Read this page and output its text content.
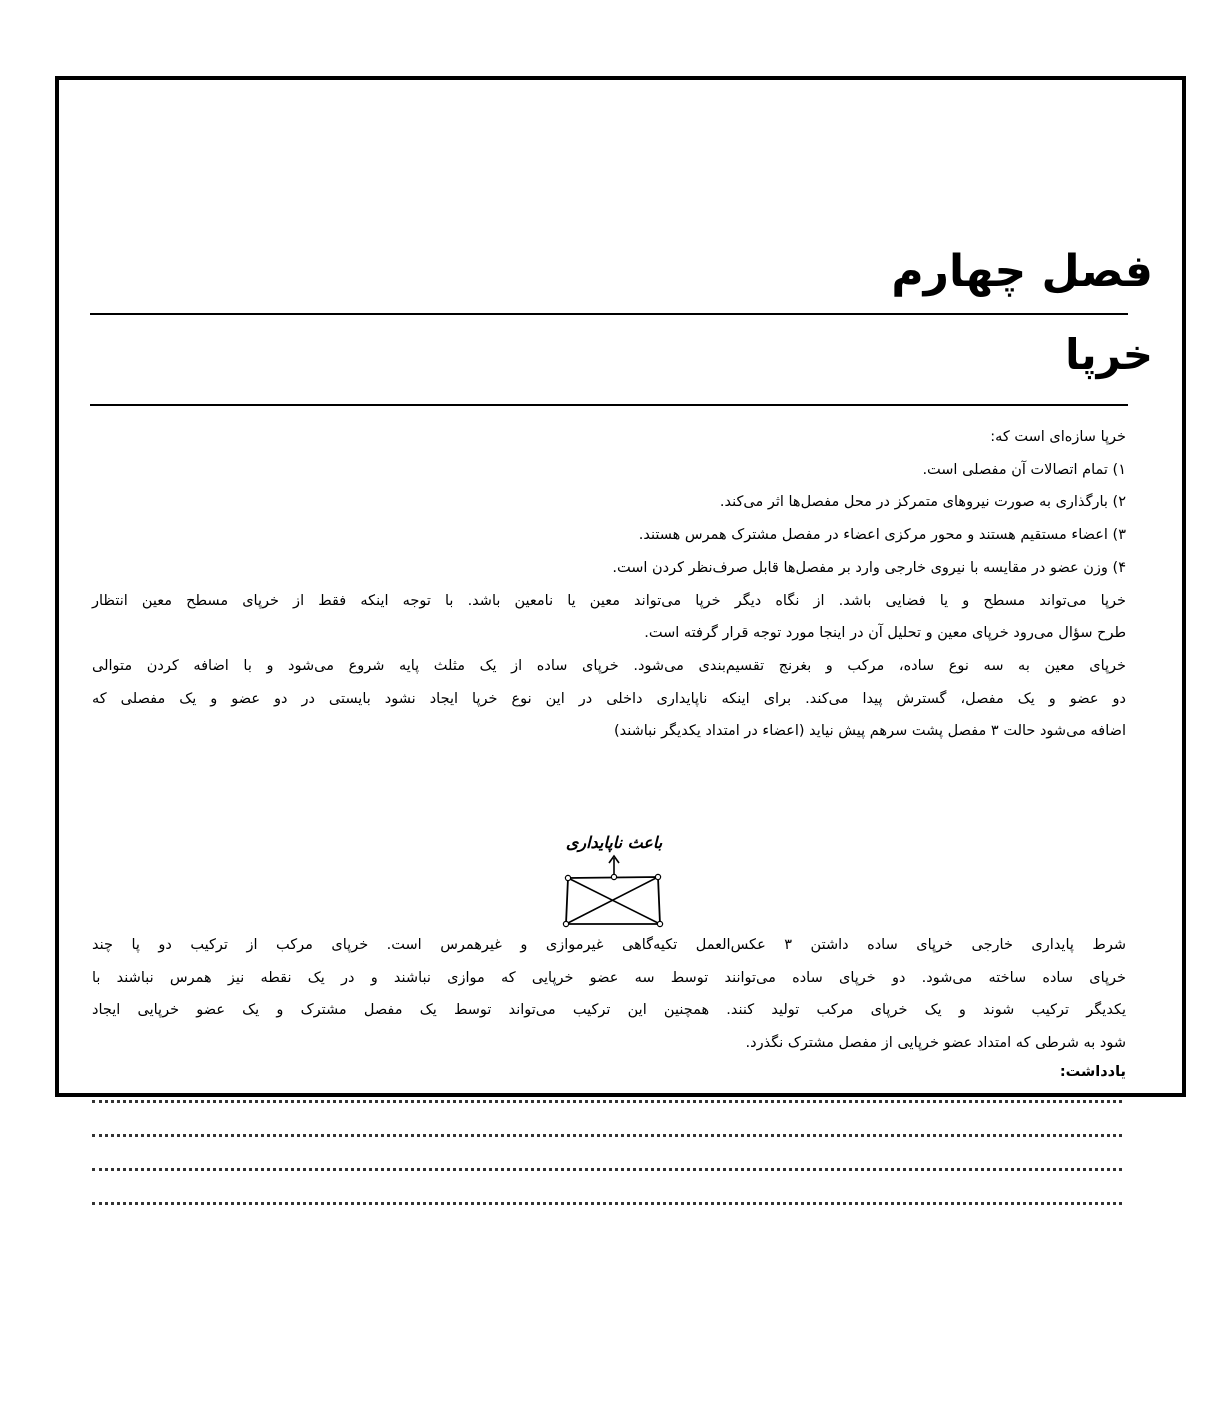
فصل چهارم
خرپا

خرپا سازه‌ای است که:

۱) تمام اتصالات آن مفصلی است.

۲) بارگذاری به صورت نیروهای متمرکز در محل مفصل‌ها اثر می‌کند.

۳) اعضاء مستقیم هستند و محور مرکزی اعضاء در مفصل مشترک همرس هستند.

۴) وزن عضو در مقایسه با نیروی خارجی وارد بر مفصل‌ها قابل صرف‌نظر کردن است.

خرپا می‌تواند مسطح و یا فضایی باشد. از نگاه دیگر خرپا می‌تواند معین یا نامعین باشد. با توجه اینکه فقط از خرپای مسطح معین انتظار

طرح سؤال می‌رود خرپای معین و تحلیل آن در اینجا مورد توجه قرار گرفته است.

خرپای معین به سه نوع ساده، مرکب و بغرنج تقسیم‌بندی می‌شود. خرپای ساده از یک مثلث پایه شروع می‌شود و با اضافه کردن متوالی

دو عضو و یک مفصل، گسترش پیدا می‌کند. برای اینکه ناپایداری داخلی در این نوع خرپا ایجاد نشود بایستی در دو عضو و یک مفصلی که

اضافه می‌شود حالت ۳ مفصل پشت سرهم پیش نیاید (اعضاء در امتداد یکدیگر نباشند)

باعث ناپایداری

شرط پایداری خارجی خرپای ساده داشتن ۳ عکس‌العمل تکیه‌گاهی غیرموازی و غیرهمرس است. خرپای مرکب از ترکیب دو پا چند

خرپای ساده ساخته می‌شود. دو خرپای ساده می‌توانند توسط سه عضو خرپایی که موازی نباشند و در یک نقطه نیز همرس نباشند با

یکدیگر ترکیب شوند و یک خرپای مرکب تولید کنند. همچنین این ترکیب می‌تواند توسط یک مفصل مشترک و یک عضو خرپایی ایجاد

شود به شرطی که امتداد عضو خرپایی از مفصل مشترک نگذرد.

یادداشت:
